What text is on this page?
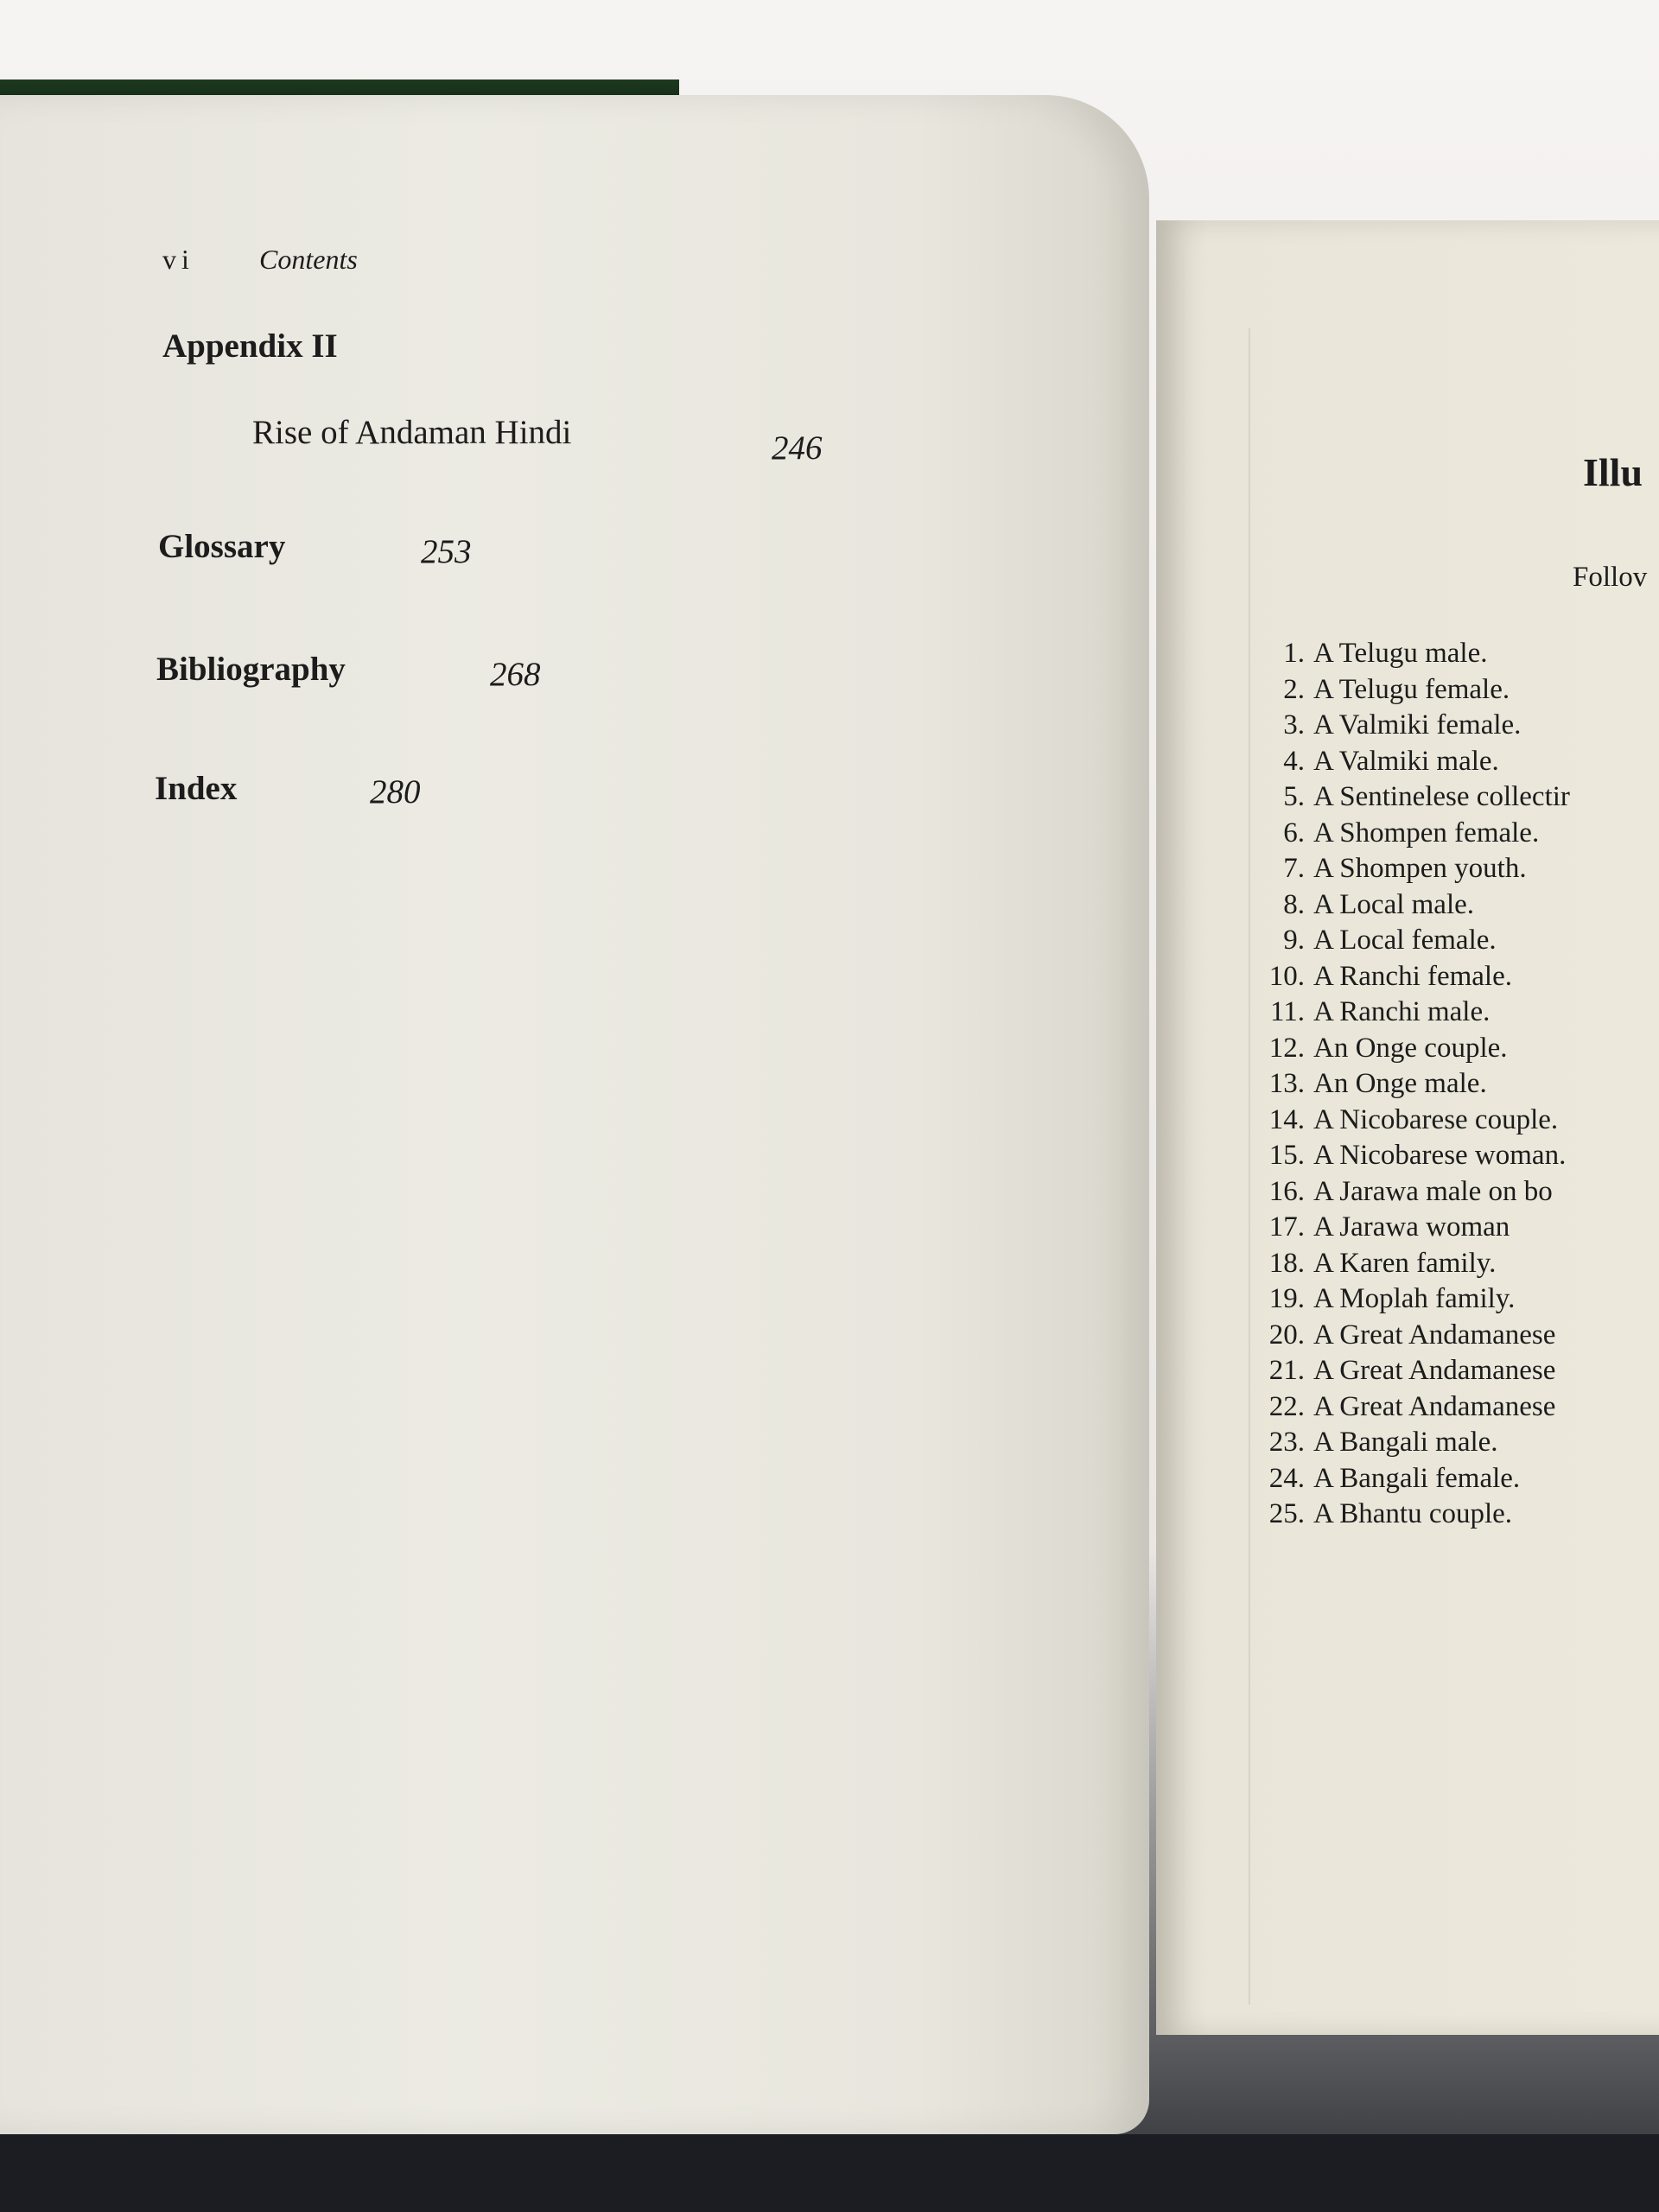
vi Contents
Appendix II
Rise of Andaman Hindi	246
Glossary	253
Bibliography	268
Index	280
Illu
Follov
1. A Telugu male.
2. A Telugu female.
3. A Valmiki female.
4. A Valmiki male.
5. A Sentinelese collectir
6. A Shompen female.
7. A Shompen youth.
8. A Local male.
9. A Local female.
10. A Ranchi female.
11. A Ranchi male.
12. An Onge couple.
13. An Onge male.
14. A Nicobarese couple.
15. A Nicobarese woman.
16. A Jarawa male on bo
17. A Jarawa woman
18. A Karen family.
19. A Moplah family.
20. A Great Andamanese
21. A Great Andamanese
22. A Great Andamanese
23. A Bangali male.
24. A Bangali female.
25. A Bhantu couple.
